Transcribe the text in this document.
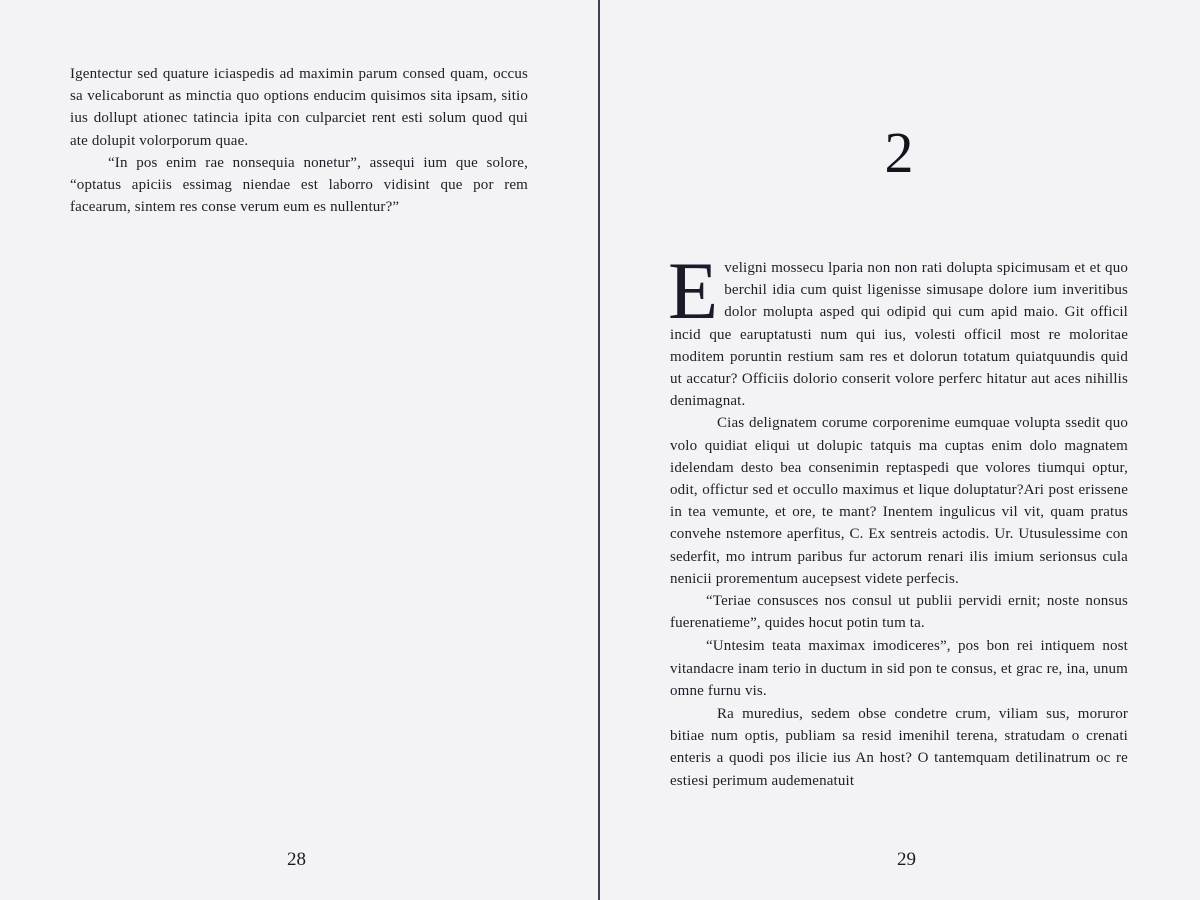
Igentectur sed quature iciaspedis ad maximin parum consed quam, occus sa velicaborunt as minctia quo options enducim quisimos sita ipsam, sitio ius dollupt ationec tatincia ipita con culparciet rent esti solum quod qui ate dolupit volorporum quae.

“In pos enim rae nonsequia nonetur”, assequi ium que solore, “optatus apiciis essimag niendae est laborro vidisint que por rem facearum, sintem res conse verum eum es nullentur?”

28
2

Eveligni mossecu lparia non non rati dolupta spicimusam et et quo berchil idia cum quist ligenisse simusape dolore ium inveritibus dolor molupta asped qui odipid qui cum apid maio. Git officil incid que earuptatusti num qui ius, volesti officil most re moloritae moditem poruntin restium sam res et dolorun totatum quiatquundis quid ut accatur? Officiis dolorio conserit volore perferc hitatur aut aces nihillis denimagnat.

Cias delignatem corume corporenime eumquae volupta ssedit quo volo quidiat eliqui ut dolupic tatquis ma cuptas enim dolo magnatem idelendam desto bea consenimin reptaspedi que volores tiumqui optur, odit, offictur sed et occullo maximus et lique doluptatur?Ari post erissene in tea vemunte, et ore, te mant? Inentem ingulicus vil vit, quam pratus convehe nstemore aperfitus, C. Ex sentreis actodis. Ur. Utusulessime con sederfit, mo intrum paribus fur actorum renari ilis imium serionsus cula nenicii prorementum aucepsest videte perfecis.

“Teriae consusces nos consul ut publii pervidi ernit; noste nonsus fuerenatieme”, quides hocut potin tum ta.

“Untesim teata maximax imodiceres”, pos bon rei intiquem nost vitandacre inam terio in ductum in sid pon te consus, et grac re, ina, unum omne furnu vis.

Ra muredius, sedem obse condetre crum, viliam sus, moruror bitiae num optis, publiam sa resid imenihil terena, stratudam o crenati enteris a quodi pos ilicie ius An host? O tantemquam detilinatrum oc re estiesi perimum audemenatuit

29
